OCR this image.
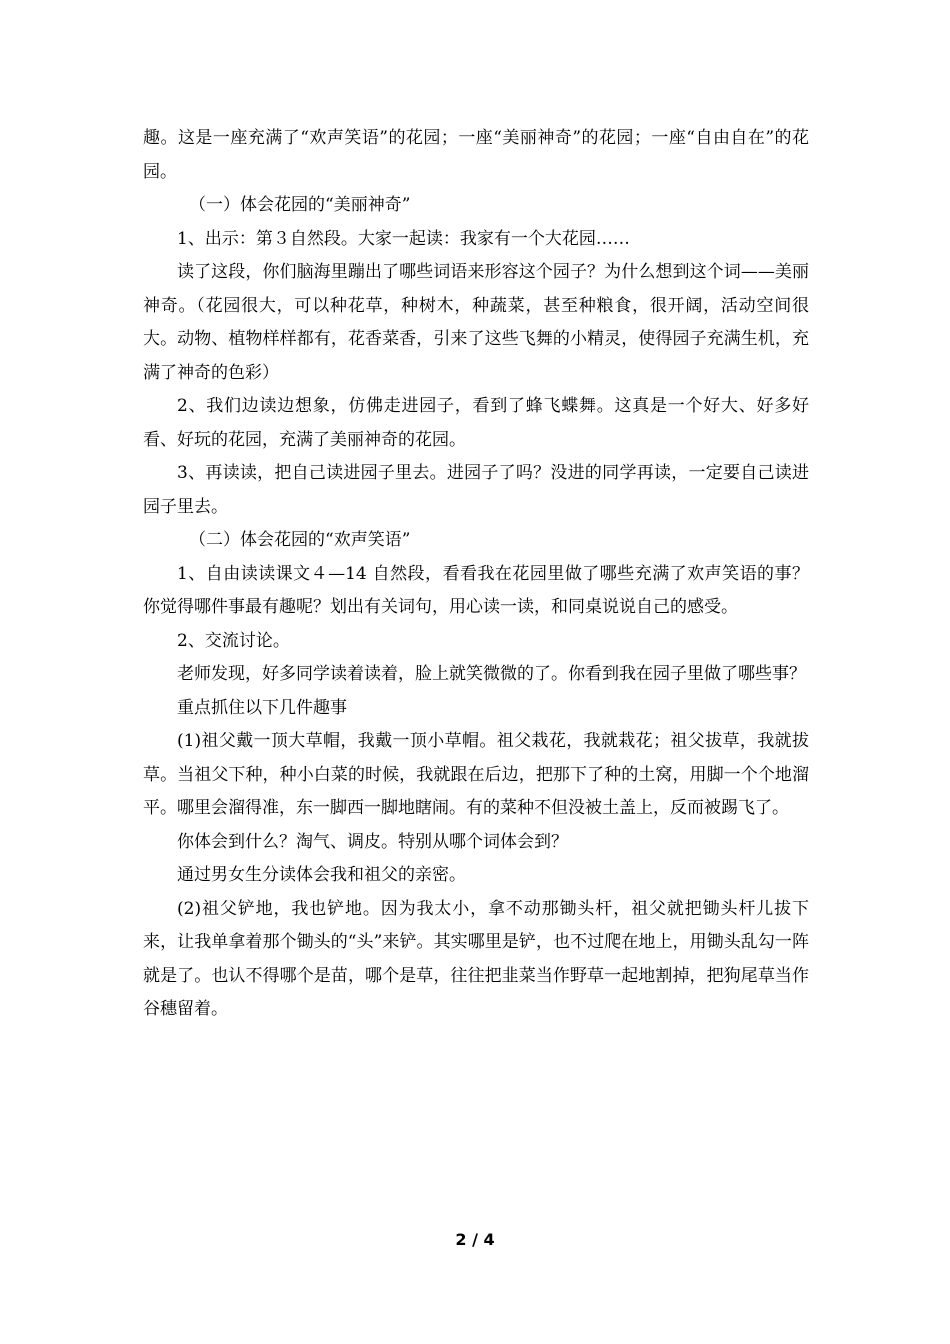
趣。这是一座充满了“欢声笑语”的花园；一座“美丽神奇”的花园；一座“自由自在”的花园。

（一）体会花园的“美丽神奇”

1、出示：第３自然段。大家一起读：我家有一个大花园……

读了这段，你们脑海里蹦出了哪些词语来形容这个园子？为什么想到这个词——美丽神奇。（花园很大，可以种花草，种树木，种蔬菜，甚至种粮食，很开阔，活动空间很大。动物、植物样样都有，花香菜香，引来了这些飞舞的小精灵，使得园子充满生机，充满了神奇的色彩）

2、我们边读边想象，仿佛走进园子，看到了蜂飞蝶舞。这真是一个好大、好多好看、好玩的花园，充满了美丽神奇的花园。

3、再读读，把自己读进园子里去。进园子了吗？没进的同学再读，一定要自己读进园子里去。

（二）体会花园的“欢声笑语”

1、自由读读课文４—14 自然段，看看我在花园里做了哪些充满了欢声笑语的事？你觉得哪件事最有趣呢？划出有关词句，用心读一读，和同桌说说自己的感受。

2、交流讨论。

老师发现，好多同学读着读着，脸上就笑微微的了。你看到我在园子里做了哪些事？

重点抓住以下几件趣事

(1)祖父戴一顶大草帽，我戴一顶小草帽。祖父栽花，我就栽花；祖父拔草，我就拔草。当祖父下种，种小白菜的时候，我就跟在后边，把那下了种的土窝，用脚一个个地溜平。哪里会溜得准，东一脚西一脚地瞎闹。有的菜种不但没被土盖上，反而被踢飞了。

你体会到什么？淘气、调皮。特别从哪个词体会到？

通过男女生分读体会我和祖父的亲密。

(2)祖父铲地，我也铲地。因为我太小，拿不动那锄头杆，祖父就把锄头杆儿拔下来，让我单拿着那个锄头的“头”来铲。其实哪里是铲，也不过爬在地上，用锄头乱勾一阵就是了。也认不得哪个是苗，哪个是草，往往把韭菜当作野草一起地割掉，把狗尾草当作谷穗留着。

2 / 4
